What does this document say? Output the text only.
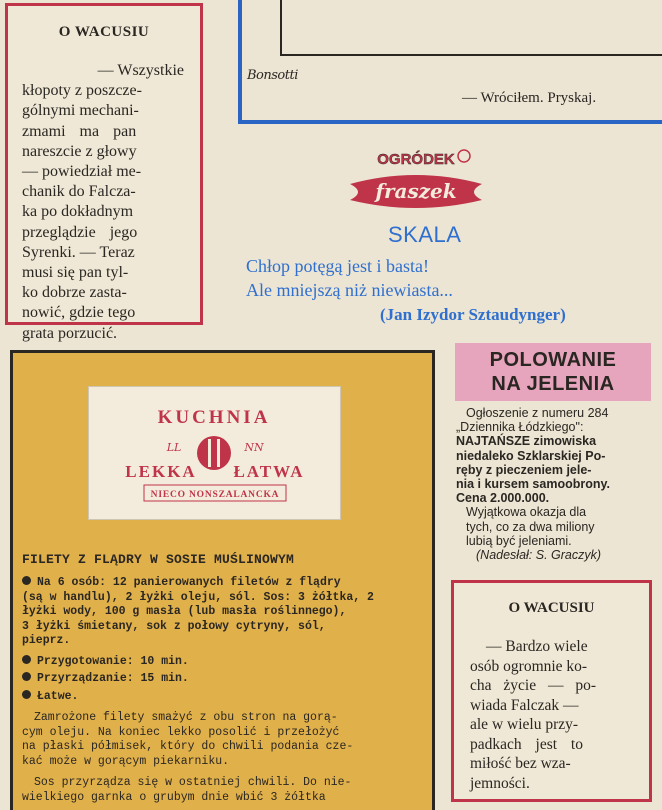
O WACUSIU
— Wszystkie
kłopoty z poszcze-
gólnymi mechani-
zmami ma pan
nareszcie z głowy
— powiedział me-
chanik do Falcza-
ka po dokładnym
przeglądzie jego
Syrenki. — Teraz
musi się pan tyl-
ko dobrze zasta-
nowić, gdzie tego
grata porzucić.
Bonsotti
— Wróciłem. Pryskaj.
OGRÓDEK
fraszek
SKALA
Chłop potęgą jest i basta!
Ale mniejszą niż niewiasta...
(Jan Izydor Sztaudynger)
POLOWANIE
NA JELENIA
Ogłoszenie z numeru 284
„Dziennika Łódzkiego":
NAJTAŃSZE zimowiska
niedaleko Szklarskiej Po-
ręby z pieczeniem jele-
nia i kursem samoobrony.
Cena 2.000.000.
Wyjątkowa okazja dla
tych, co za dwa miliony
lubią być jeleniami.
(Nadesłał: S. Graczyk)
O WACUSIU
— Bardzo wiele
osób ogromnie ko-
cha życie — po-
wiada Falczak —
ale w wielu przy-
padkach jest to
miłość bez wza-
jemności.
KUCHNIA
LL	NN
LEKKA ŁATWA
NIECO NONSZALANCKA
FILETY Z FLĄDRY W SOSIE MUŚLINOWYM
Na 6 osób: 12 panierowanych filetów z flądry
(są w handlu), 2 łyżki oleju, sól. Sos: 3 żółtka, 2
łyżki wody, 100 g masła (lub masła roślinnego),
3 łyżki śmietany, sok z połowy cytryny, sól,
pieprz.
Przygotowanie: 10 min.
Przyrządzanie: 15 min.
Łatwe.
Zamrożone filety smażyć z obu stron na gorą-
cym oleju. Na koniec lekko posolić i przełożyć
na płaski półmisek, który do chwili podania cze-
kać może w gorącym piekarniku.
Sos przyrządza się w ostatniej chwili. Do nie-
wielkiego garnka o grubym dnie wbić 3 żółtka
